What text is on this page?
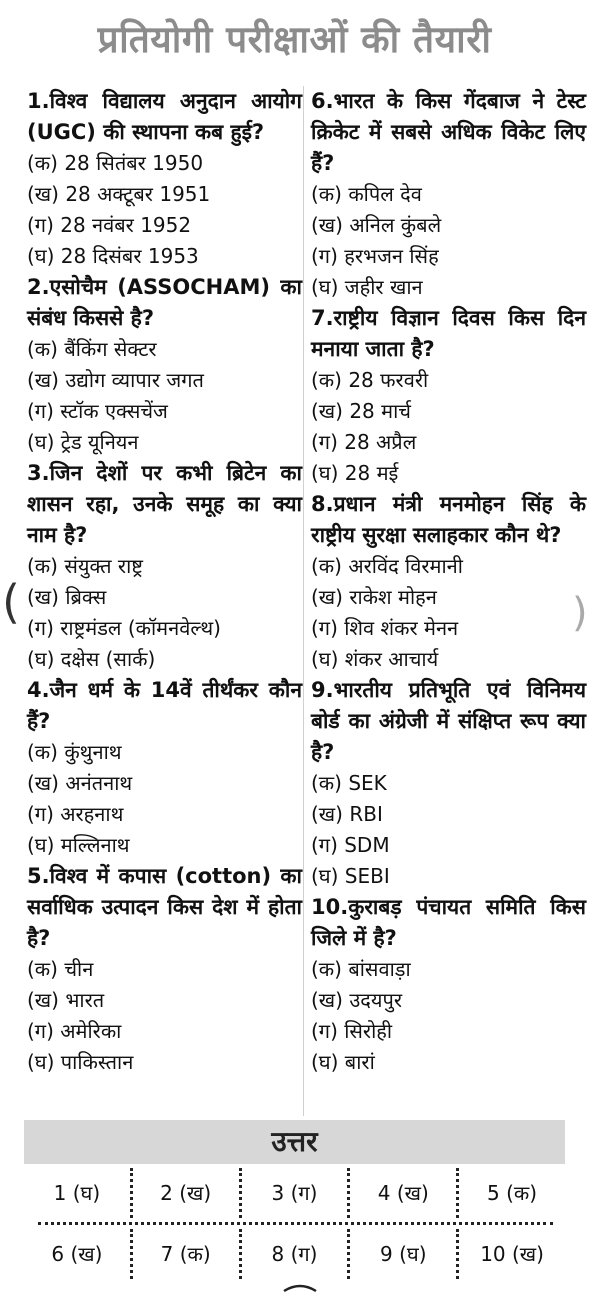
प्रतियोगी परीक्षाओं की तैयारी
1.विश्व विद्यालय अनुदान आयोग (UGC) की स्थापना कब हुई?
(क) 28 सितंबर 1950
(ख) 28 अक्टूबर 1951
(ग) 28 नवंबर 1952
(घ) 28 दिसंबर 1953
2.एसोचैम (ASSOCHAM) का संबंध किससे है?
(क) बैंकिंग सेक्टर
(ख) उद्योग व्यापार जगत
(ग) स्टॉक एक्सचेंज
(घ) ट्रेड यूनियन
3.जिन देशों पर कभी ब्रिटेन का शासन रहा, उनके समूह का क्या नाम है?
(क) संयुक्त राष्ट्र
(ख) ब्रिक्स
(ग) राष्ट्रमंडल (कॉमनवेल्थ)
(घ) दक्षेस (सार्क)
4.जैन धर्म के 14वें तीर्थंकर कौन हैं?
(क) कुंथुनाथ
(ख) अनंतनाथ
(ग) अरहनाथ
(घ) मल्लिनाथ
5.विश्व में कपास (cotton) का सर्वाधिक उत्पादन किस देश में होता है?
(क) चीन
(ख) भारत
(ग) अमेरिका
(घ) पाकिस्तान
6.भारत के किस गेंदबाज ने टेस्ट क्रिकेट में सबसे अधिक विकेट लिए हैं?
(क) कपिल देव
(ख) अनिल कुंबले
(ग) हरभजन सिंह
(घ) जहीर खान
7.राष्ट्रीय विज्ञान दिवस किस दिन मनाया जाता है?
(क) 28 फरवरी
(ख) 28 मार्च
(ग) 28 अप्रैल
(घ) 28 मई
8.प्रधान मंत्री मनमोहन सिंह के राष्ट्रीय सुरक्षा सलाहकार कौन थे?
(क) अरविंद विरमानी
(ख) राकेश मोहन
(ग) शिव शंकर मेनन
(घ) शंकर आचार्य
9.भारतीय प्रतिभूति एवं विनिमय बोर्ड का अंग्रेजी में संक्षिप्त रूप क्या है?
(क) SEK
(ख) RBI
(ग) SDM
(घ) SEBI
10.कुराबड़ पंचायत समिति किस जिले में है?
(क) बांसवाड़ा
(ख) उदयपुर
(ग) सिरोही
(घ) बारां
(	)
उत्तर
1 (घ)	2 (ख)	3 (ग)	4 (ख)	5 (क)
6 (ख)	7 (क)	8 (ग)	9 (घ)	10 (ख)
